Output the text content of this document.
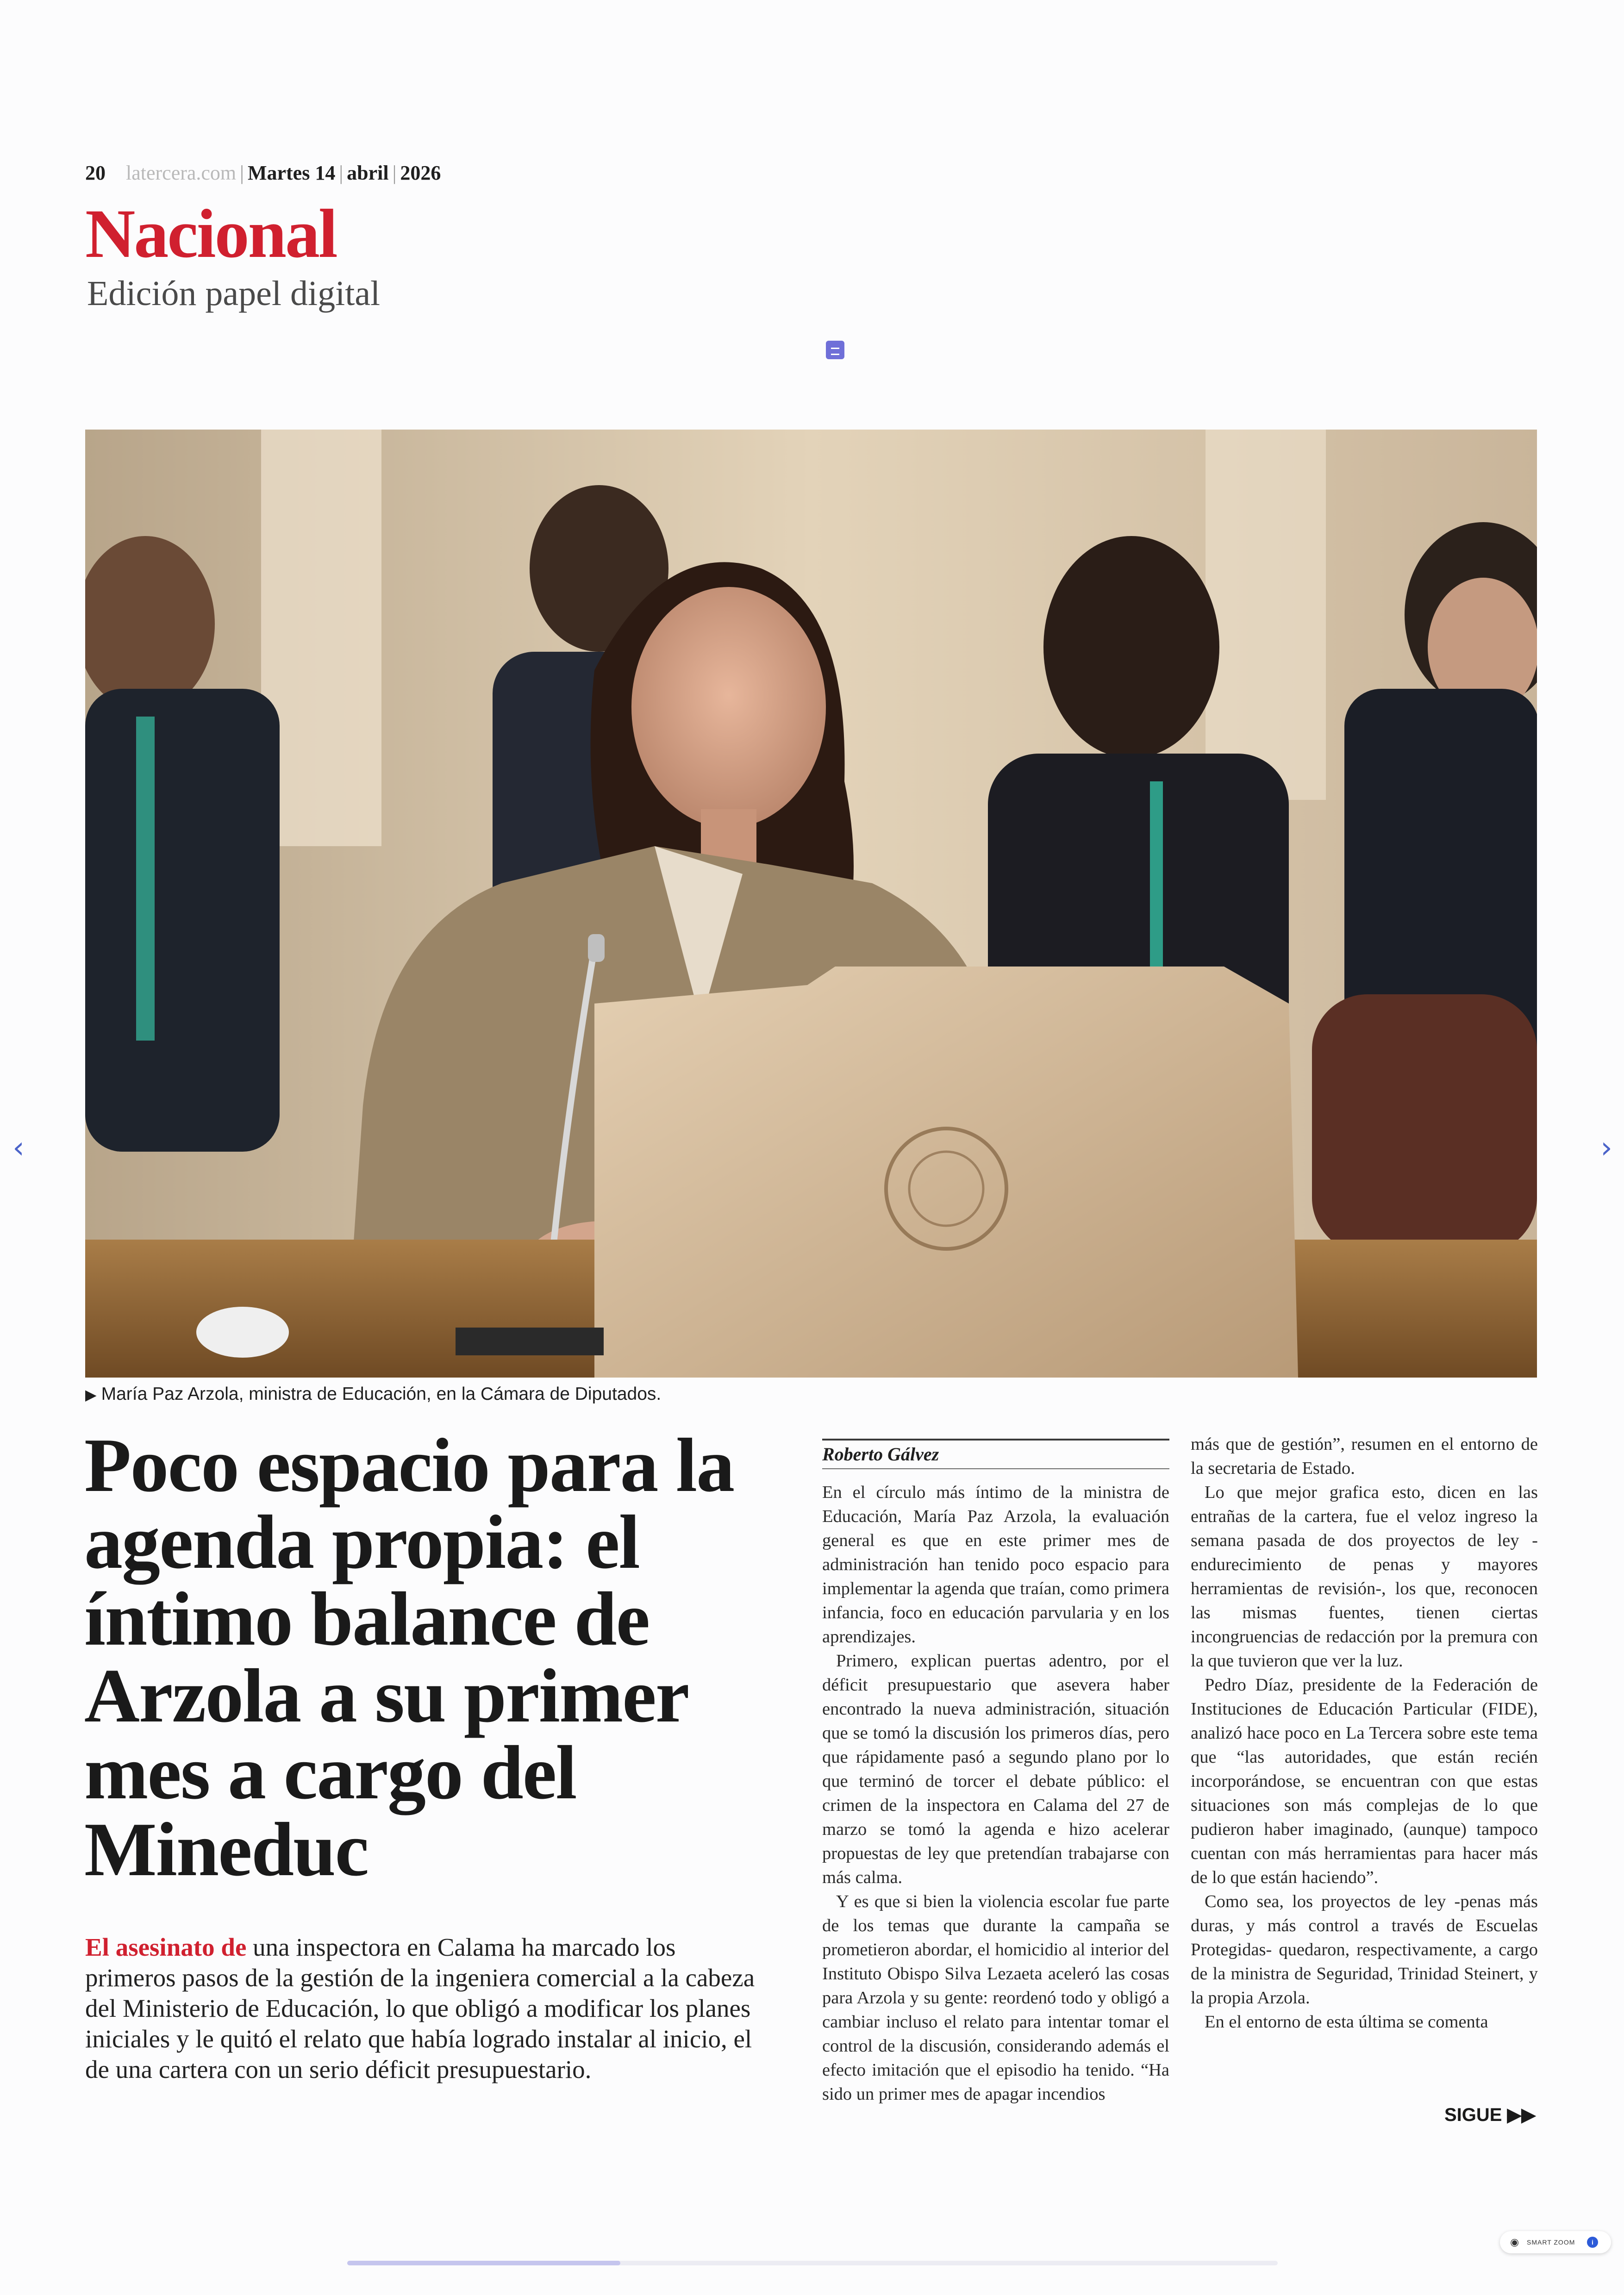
20 latercera.com | Martes 14 | abril | 2026
Nacional
Edición papel digital
▶ María Paz Arzola, ministra de Educación, en la Cámara de Diputados.
‹	›
Poco espacio para la agenda propia: el íntimo balance de Arzola a su primer mes a cargo del Mineduc

El asesinato de una inspectora en Calama ha marcado los primeros pasos de la gestión de la ingeniera comercial a la cabeza del Ministerio de Educación, lo que obligó a modificar los planes iniciales y le quitó el relato que había logrado instalar al inicio, el de una cartera con un serio déficit presupuestario.

Roberto Gálvez

En el círculo más íntimo de la ministra de Educación, María Paz Arzola, la evaluación general es que en este primer mes de administración han tenido poco espacio para implementar la agenda que traían, como primera infancia, foco en educación parvularia y en los aprendizajes.

Primero, explican puertas adentro, por el déficit presupuestario que asevera haber encontrado la nueva administración, situación que se tomó la discusión los primeros días, pero que rápidamente pasó a segundo plano por lo que terminó de torcer el debate público: el crimen de la inspectora en Calama del 27 de marzo se tomó la agenda e hizo acelerar propuestas de ley que pretendían trabajarse con más calma.

Y es que si bien la violencia escolar fue parte de los temas que durante la campaña se prometieron abordar, el homicidio al interior del Instituto Obispo Silva Lezaeta aceleró las cosas para Arzola y su gente: reordenó todo y obligó a cambiar incluso el relato para intentar tomar el control de la discusión, considerando además el efecto imitación que el episodio ha tenido. “Ha sido un primer mes de apagar incendios

más que de gestión”, resumen en el entorno de la secretaria de Estado.

Lo que mejor grafica esto, dicen en las entrañas de la cartera, fue el veloz ingreso la semana pasada de dos proyectos de ley -endurecimiento de penas y mayores herramientas de revisión-, los que, reconocen las mismas fuentes, tienen ciertas incongruencias de redacción por la premura con la que tuvieron que ver la luz.

Pedro Díaz, presidente de la Federación de Instituciones de Educación Particular (FIDE), analizó hace poco en La Tercera sobre este tema que “las autoridades, que están recién incorporándose, se encuentran con que estas situaciones son más complejas de lo que pudieron haber imaginado, (aunque) tampoco cuentan con más herramientas para hacer más de lo que están haciendo”.

Como sea, los proyectos de ley -penas más duras, y más control a través de Escuelas Protegidas- quedaron, respectivamente, a cargo de la ministra de Seguridad, Trinidad Steinert, y la propia Arzola.

En el entorno de esta última se comenta

SIGUE ▶▶
◉ SMART ZOOM	i
